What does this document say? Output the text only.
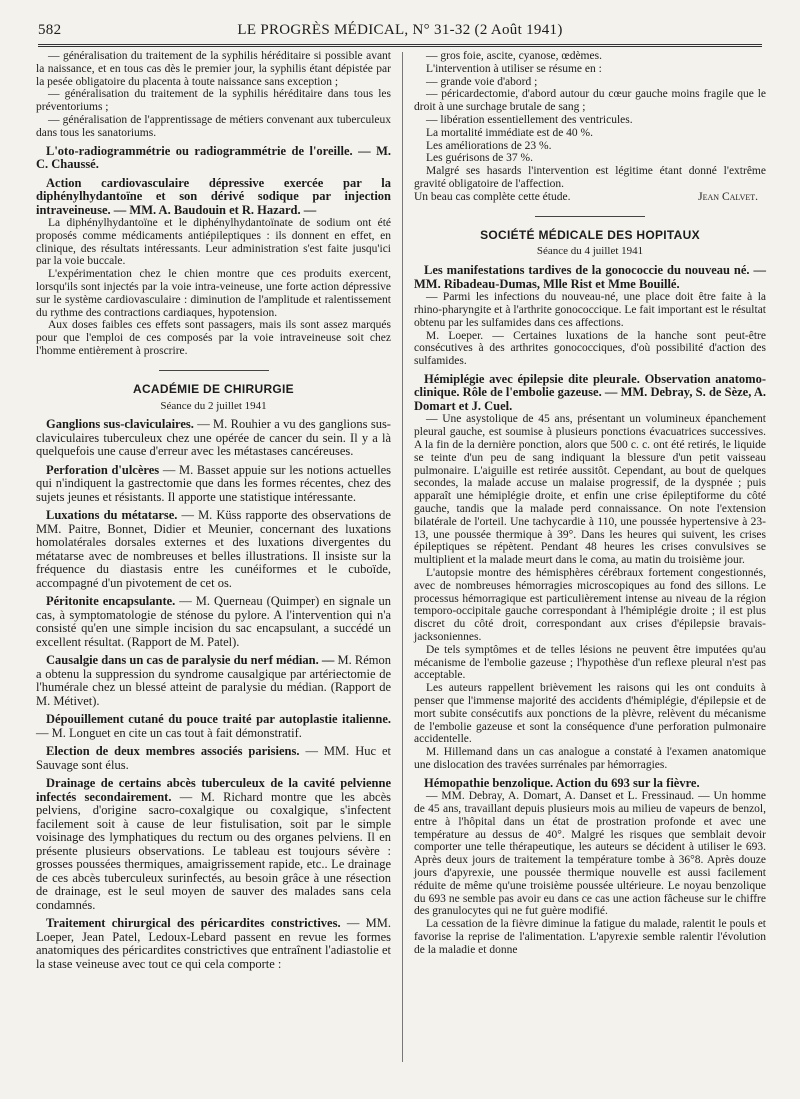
582	LE PROGRÈS MÉDICAL, N° 31-32 (2 Août 1941)

— généralisation du traitement de la syphilis héréditaire si possible avant la naissance, et en tous cas dès le premier jour, la syphilis étant dépistée par la pesée obligatoire du placenta à toute naissance sans exception ;

— généralisation du traitement de la syphilis héréditaire dans tous les préventoriums ;

— généralisation de l'apprentissage de métiers convenant aux tuberculeux dans tous les sanatoriums.

L'oto-radiogrammétrie ou radiogrammétrie de l'oreille. — M. C. Chaussé.

Action cardiovasculaire dépressive exercée par la diphénylhydantoïne et son dérivé sodique par injection intraveineuse. — MM. A. Baudouin et R. Hazard. —

La diphénylhydantoïne et le diphénylhydantoïnate de sodium ont été proposés comme médicaments antiépileptiques : ils donnent en effet, en clinique, des résultats intéressants. Leur administration s'est faite jusqu'ici par la voie buccale.

L'expérimentation chez le chien montre que ces produits exercent, lorsqu'ils sont injectés par la voie intra-veineuse, une forte action dépressive sur le système cardiovasculaire : diminution de l'amplitude et ralentissement du rythme des contractions cardiaques, hypotension.

Aux doses faibles ces effets sont passagers, mais ils sont assez marqués pour que l'emploi de ces composés par la voie intraveineuse soit chez l'homme entièrement à proscrire.

ACADÉMIE DE CHIRURGIE
Séance du 2 juillet 1941

Ganglions sus-claviculaires. — M. Rouhier a vu des ganglions sus-claviculaires tuberculeux chez une opérée de cancer du sein. Il y a là quelquefois une cause d'erreur avec les métastases cancéreuses.

Perforation d'ulcères — M. Basset appuie sur les notions actuelles qui n'indiquent la gastrectomie que dans les formes récentes, chez des sujets jeunes et résistants. Il apporte une statistique intéressante.

Luxations du métatarse. — M. Küss rapporte des observations de MM. Paitre, Bonnet, Didier et Meunier, concernant des luxations homolatérales dorsales externes et des luxations divergentes du métatarse avec de nombreuses et belles illustrations. Il insiste sur la fréquence du diastasis entre les cunéiformes et le cuboïde, accompagné d'un pivotement de cet os.

Péritonite encapsulante. — M. Querneau (Quimper) en signale un cas, à symptomatologie de sténose du pylore. A l'intervention qui n'a consisté qu'en une simple incision du sac encapsulant, a succédé un excellent résultat. (Rapport de M. Patel).

Causalgie dans un cas de paralysie du nerf médian. — M. Rémon a obtenu la suppression du syndrome causalgique par artériectomie de l'humérale chez un blessé atteint de paralysie du médian. (Rapport de M. Métivet).

Dépouillement cutané du pouce traité par autoplastie italienne. — M. Longuet en cite un cas tout à fait démonstratif.

Election de deux membres associés parisiens. — MM. Huc et Sauvage sont élus.

Drainage de certains abcès tuberculeux de la cavité pelvienne infectés secondairement. — M. Richard montre que les abcès pelviens, d'origine sacro-coxalgique ou coxalgique, s'infectent facilement soit à cause de leur fistulisation, soit par le simple voisinage des lymphatiques du rectum ou des organes pelviens. Il en présente plusieurs observations. Le tableau est toujours sévère : grosses poussées thermiques, amaigrissement rapide, etc.. Le drainage de ces abcès tuberculeux surinfectés, au besoin grâce à une résection de drainage, est le seul moyen de sauver des malades sans cela condamnés.

Traitement chirurgical des péricardites constrictives. — MM. Loeper, Jean Patel, Ledoux-Lebard passent en revue les formes anatomiques des péricardites constrictives que entraînent l'adiastolie et la stase veineuse avec tout ce qui cela comporte :

— gros foie, ascite, cyanose, œdèmes.

L'intervention à utiliser se résume en :

— grande voie d'abord ;

— péricardectomie, d'abord autour du cœur gauche moins fragile que le droit à une surchage brutale de sang ;

— libération essentiellement des ventricules.

La mortalité immédiate est de 40 %.

Les améliorations de 23 %.

Les guérisons de 37 %.

Malgré ses hasards l'intervention est légitime étant donné l'extrême gravité obligatoire de l'affection.

Un beau cas complète cette étude.	Jean Calvet.

SOCIÉTÉ MÉDICALE DES HOPITAUX
Séance du 4 juillet 1941

Les manifestations tardives de la gonococcie du nouveau né. — MM. Ribadeau-Dumas, Mlle Rist et Mme Bouillé.

— Parmi les infections du nouveau-né, une place doit être faite à la rhino-pharyngite et à l'arthrite gonococcique. Le fait important est le résultat obtenu par les sulfamides dans ces affections.

M. Loeper. — Certaines luxations de la hanche sont peut-être consécutives à des arthrites gonococciques, d'où possibilité d'action des sulfamides.

Hémiplégie avec épilepsie dite pleurale. Observation anatomo-clinique. Rôle de l'embolie gazeuse. — MM. Debray, S. de Sèze, A. Domart et J. Cuel.

— Une asystolique de 45 ans, présentant un volumineux épanchement pleural gauche, est soumise à plusieurs ponctions évacuatrices successives. A la fin de la dernière ponction, alors que 500 c. c. ont été retirés, le liquide se teinte d'un peu de sang indiquant la blessure d'un petit vaisseau pulmonaire. L'aiguille est retirée aussitôt. Cependant, au bout de quelques secondes, la malade accuse un malaise progressif, de la dyspnée ; puis apparaît une hémiplégie droite, et enfin une crise épileptiforme du côté gauche, tandis que la malade perd connaissance. On note l'extension bilatérale de l'orteil. Une tachycardie à 110, une poussée hypertensive à 23-13, une poussée thermique à 39°. Dans les heures qui suivent, les crises épileptiques se répètent. Pendant 48 heures les crises convulsives se multiplient et la malade meurt dans le coma, au matin du troisième jour.

L'autopsie montre des hémisphères cérébraux fortement congestionnés, avec de nombreuses hémorragies microscopiques au fond des sillons. Le processus hémorragique est particulièrement intense au niveau de la région temporo-occipitale gauche correspondant à l'hémiplégie droite ; il est plus discret du côté droit, correspondant aux crises d'épilepsie bravais-jacksoniennes.

De tels symptômes et de telles lésions ne peuvent être imputées qu'au mécanisme de l'embolie gazeuse ; l'hypothèse d'un reflexe pleural n'est pas acceptable.

Les auteurs rappellent brièvement les raisons qui les ont conduits à penser que l'immense majorité des accidents d'hémiplégie, d'épilepsie et de mort subite consécutifs aux ponctions de la plèvre, relèvent du mécanisme de l'embolie gazeuse et sont la conséquence d'une perforation pulmonaire accidentelle.

M. Hillemand dans un cas analogue a constaté à l'examen anatomique une dislocation des travées surrénales par hémorragies.

Hémopathie benzolique. Action du 693 sur la fièvre.

— MM. Debray, A. Domart, A. Danset et L. Fressinaud. — Un homme de 45 ans, travaillant depuis plusieurs mois au milieu de vapeurs de benzol, entre à l'hôpital dans un état de prostration profonde et avec une température au dessus de 40°. Malgré les risques que semblait devoir comporter une telle thérapeutique, les auteurs se décident à utiliser le 693. Après deux jours de traitement la température tombe à 36°8. Après douze jours d'apyrexie, une poussée thermique nouvelle est aussi facilement réduite de même qu'une troisième poussée ultérieure. Le noyau benzolique du 693 ne semble pas avoir eu dans ce cas une action fâcheuse sur le chiffre des granulocytes qui ne fut guère modifié.

La cessation de la fièvre diminue la fatigue du malade, ralentit le pouls et favorise la reprise de l'alimentation. L'apyrexie semble ralentir l'évolution de la maladie et donne
